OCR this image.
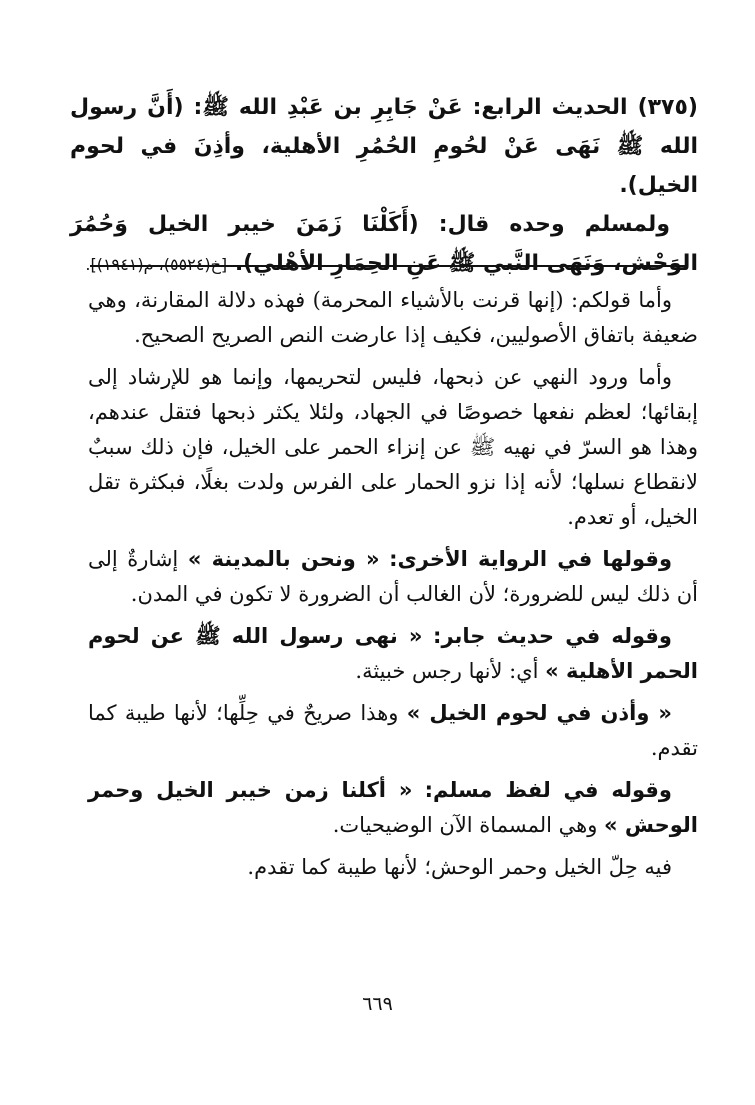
(٣٧٥) الحديث الرابع: عَنْ جَابِرِ بن عَبْدِ الله ﷺ: (أَنَّ رسول الله ﷺ نَهَى عَنْ لحُومِ الحُمُرِ الأهلية، وأذِنَ في لحوم الخيل).

ولمسلم وحده قال: (أَكَلْنَا زَمَنَ خيبر الخيل وَحُمُرَ الوَحْش، وَنَهَى النَّبي ﷺ عَنِ الحِمَارِ الأهْلي). [خ(٥٥٢٤)، م(١٩٤١)].

وأما قولكم: (إنها قرنت بالأشياء المحرمة) فهذه دلالة المقارنة، وهي ضعيفة باتفاق الأصوليين، فكيف إذا عارضت النص الصريح الصحيح.

وأما ورود النهي عن ذبحها، فليس لتحريمها، وإنما هو للإرشاد إلى إبقائها؛ لعظم نفعها خصوصًا في الجهاد، ولئلا يكثر ذبحها فتقل عندهم، وهذا هو السرّ في نهيه ﷺ عن إنزاء الحمر على الخيل، فإن ذلك سببٌ لانقطاع نسلها؛ لأنه إذا نزو الحمار على الفرس ولدت بغلًا، فبكثرة تقل الخيل، أو تعدم.

وقولها في الرواية الأخرى: « ونحن بالمدينة » إشارةٌ إلى أن ذلك ليس للضرورة؛ لأن الغالب أن الضرورة لا تكون في المدن.

وقوله في حديث جابر: « نهى رسول الله ﷺ عن لحوم الحمر الأهلية » أي: لأنها رجس خبيثة.

« وأذن في لحوم الخيل » وهذا صريحٌ في حِلِّها؛ لأنها طيبة كما تقدم.

وقوله في لفظ مسلم: « أكلنا زمن خيبر الخيل وحمر الوحش » وهي المسماة الآن الوضيحيات.

فيه حِلّ الخيل وحمر الوحش؛ لأنها طيبة كما تقدم.

٦٦٩
